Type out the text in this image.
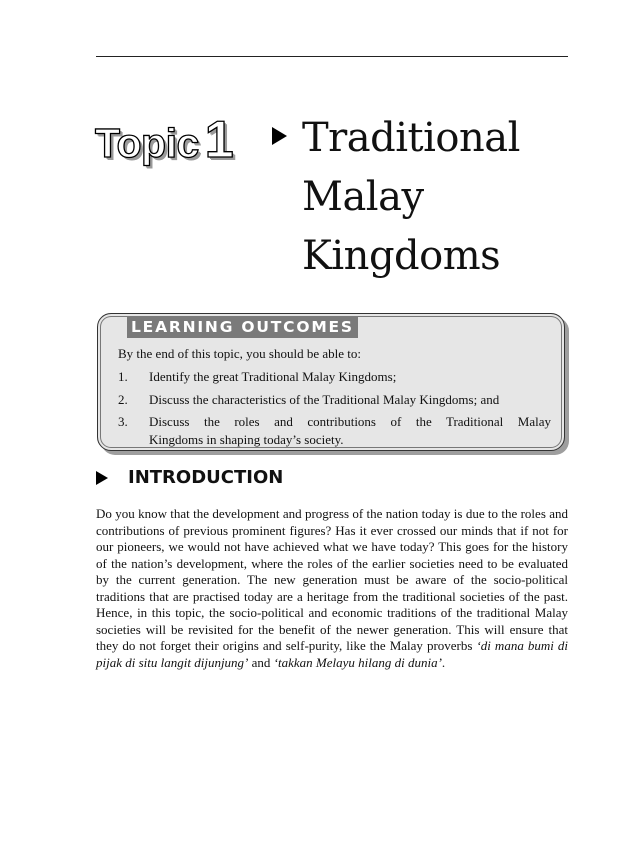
Topic 1 Traditional
Malay
Kingdoms
LEARNING OUTCOMES
By the end of this topic, you should be able to:
1. Identify the great Traditional Malay Kingdoms;
2. Discuss the characteristics of the Traditional Malay Kingdoms; and
3. Discuss the roles and contributions of the Traditional Malay
Kingdoms in shaping today’s society.
INTRODUCTION

Do you know that the development and progress of the nation today is due to the roles and contributions of previous prominent figures? Has it ever crossed our minds that if not for our pioneers, we would not have achieved what we have today? This goes for the history of the nation’s development, where the roles of the earlier societies need to be evaluated by the current generation. The new generation must be aware of the socio-political traditions that are practised today are a heritage from the traditional societies of the past. Hence, in this topic, the socio-political and economic traditions of the traditional Malay societies will be revisited for the benefit of the newer generation. This will ensure that they do not forget their origins and self-purity, like the Malay proverbs ‘di mana bumi di pijak di situ langit dijunjung’ and ‘takkan Melayu hilang di dunia’.
